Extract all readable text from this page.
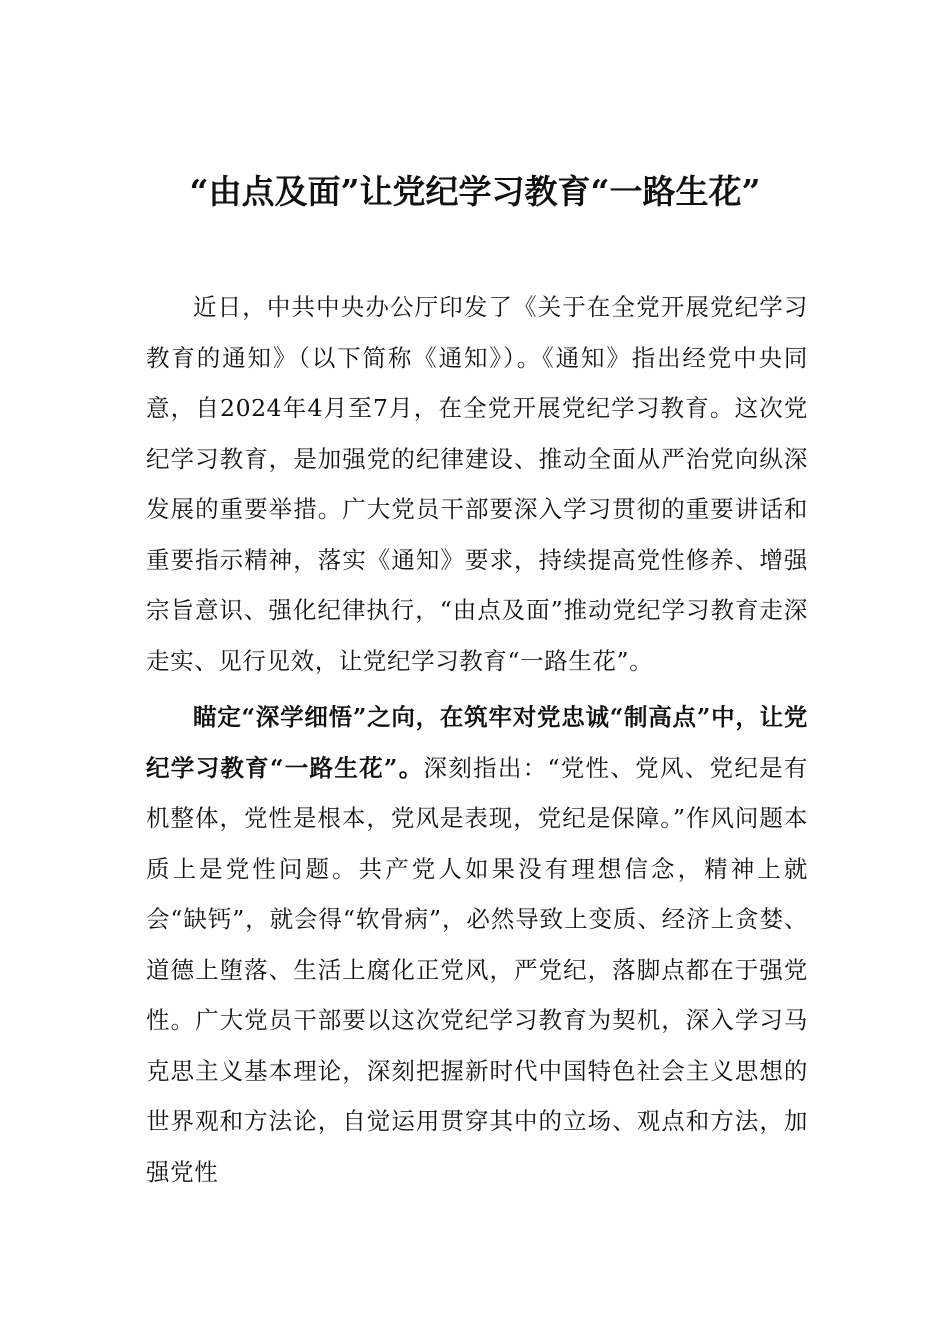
“由点及面”让党纪学习教育“一路生花”

近日，中共中央办公厅印发了《关于在全党开展党纪学习教育的通知》（以下简称《通知》）。《通知》指出经党中央同意，自2024年4月至7月，在全党开展党纪学习教育。这次党纪学习教育，是加强党的纪律建设、推动全面从严治党向纵深发展的重要举措。广大党员干部要深入学习贯彻的重要讲话和重要指示精神，落实《通知》要求，持续提高党性修养、增强宗旨意识、强化纪律执行，“由点及面”推动党纪学习教育走深走实、见行见效，让党纪学习教育“一路生花”。

瞄定“深学细悟”之向，在筑牢对党忠诚“制高点”中，让党纪学习教育“一路生花”。深刻指出：“党性、党风、党纪是有机整体，党性是根本，党风是表现，党纪是保障。”作风问题本质上是党性问题。共产党人如果没有理想信念，精神上就会“缺钙”，就会得“软骨病”，必然导致上变质、经济上贪婪、道德上堕落、生活上腐化正党风，严党纪，落脚点都在于强党性。广大党员干部要以这次党纪学习教育为契机，深入学习马克思主义基本理论，深刻把握新时代中国特色社会主义思想的世界观和方法论，自觉运用贯穿其中的立场、观点和方法，加强党性
